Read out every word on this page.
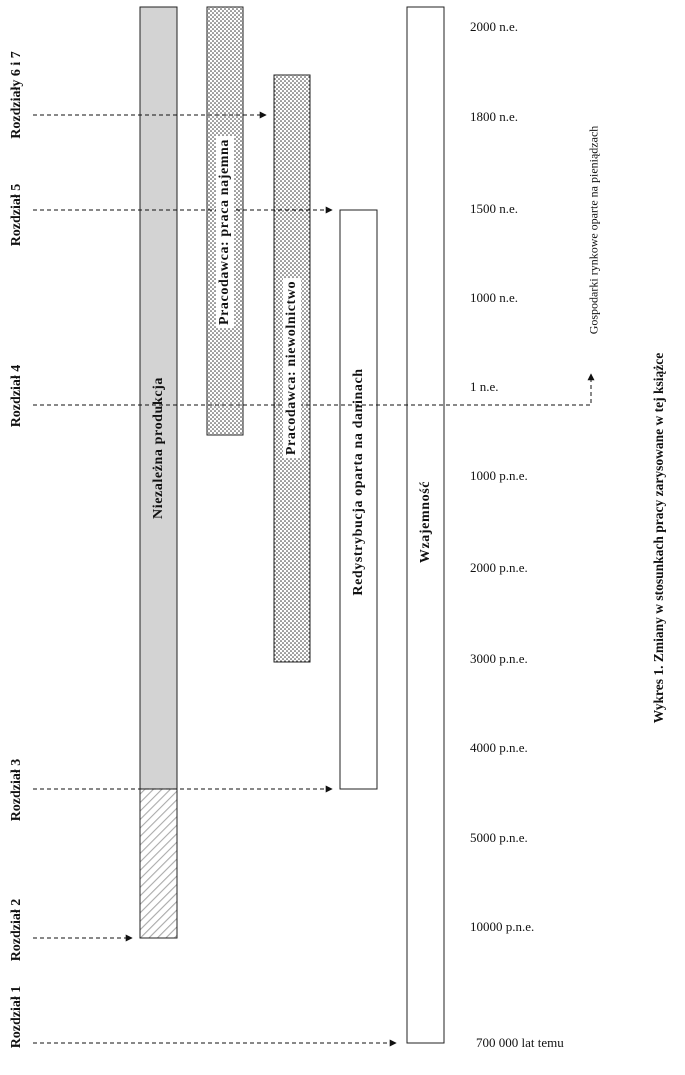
Rozdział 1
Rozdział 2
Rozdział 3
Rozdział 4
Rozdział 5
Rozdziały 6 i 7
Niezależna produkcja
Pracodawca: praca najemna
Pracodawca: niewolnictwo
Redystrybucja oparta na daninach	Wzajemność
2000 n.e.
1800 n.e.
1500 n.e.
1000 n.e.
1 n.e.
1000 p.n.e.
2000 p.n.e.
3000 p.n.e.
4000 p.n.e.
5000 p.n.e.
10000 p.n.e.
700 000 lat temu
Gospodarki rynkowe oparte na pieniądzach
Wykres 1. Zmiany w stosunkach pracy zarysowane w tej książce
